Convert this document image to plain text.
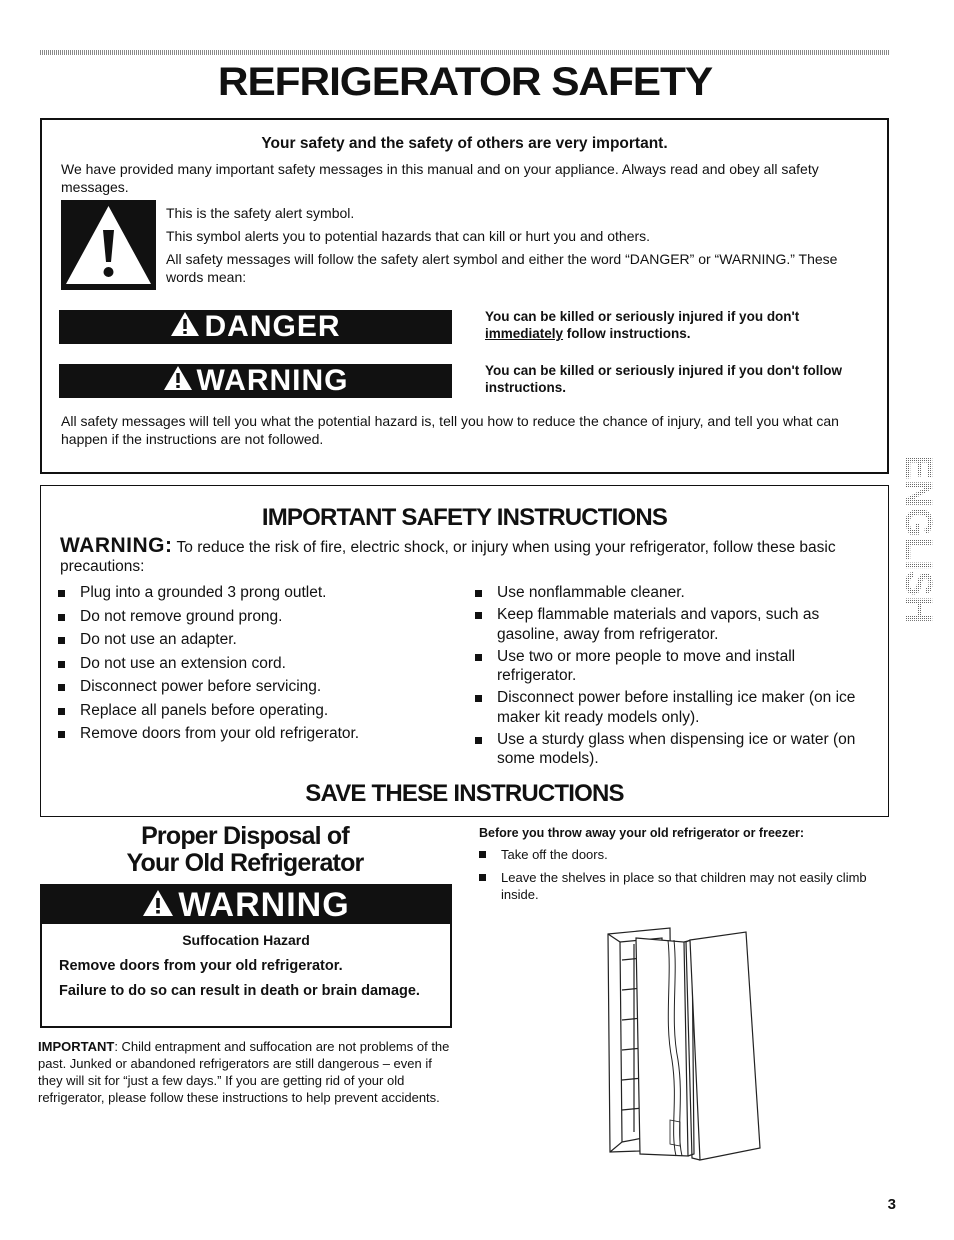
REFRIGERATOR SAFETY
Your safety and the safety of others are very important.
We have provided many important safety messages in this manual and on your appliance. Always read and obey all safety messages.

This is the safety alert symbol.

This symbol alerts you to potential hazards that can kill or hurt you and others.

All safety messages will follow the safety alert symbol and either the word “DANGER” or “WARNING.” These words mean:

DANGER	You can be killed or seriously injured if you don't immediately follow instructions.
WARNING	You can be killed or seriously injured if you don't follow instructions.
All safety messages will tell you what the potential hazard is, tell you how to reduce the chance of injury, and tell you what can happen if the instructions are not followed.
ENGLISH
IMPORTANT SAFETY INSTRUCTIONS
WARNING: To reduce the risk of fire, electric shock, or injury when using your refrigerator, follow these basic precautions:
Plug into a grounded 3 prong outlet.
Do not remove ground prong.
Do not use an adapter.
Do not use an extension cord.
Disconnect power before servicing.
Replace all panels before operating.
Remove doors from your old refrigerator.
Use nonflammable cleaner.
Keep flammable materials and vapors, such as gasoline, away from refrigerator.
Use two or more people to move and install refrigerator.
Disconnect power before installing ice maker (on ice maker kit ready models only).
Use a sturdy glass when dispensing ice or water (on some models).
SAVE THESE INSTRUCTIONS
Proper Disposal of
Your Old Refrigerator
WARNING
Suffocation Hazard

Remove doors from your old refrigerator.

Failure to do so can result in death or brain damage.

IMPORTANT: Child entrapment and suffocation are not problems of the past. Junked or abandoned refrigerators are still dangerous – even if they will sit for “just a few days.” If you are getting rid of your old refrigerator, please follow these instructions to help prevent accidents.
Before you throw away your old refrigerator or freezer:
Take off the doors.
Leave the shelves in place so that children may not easily climb inside.
3
